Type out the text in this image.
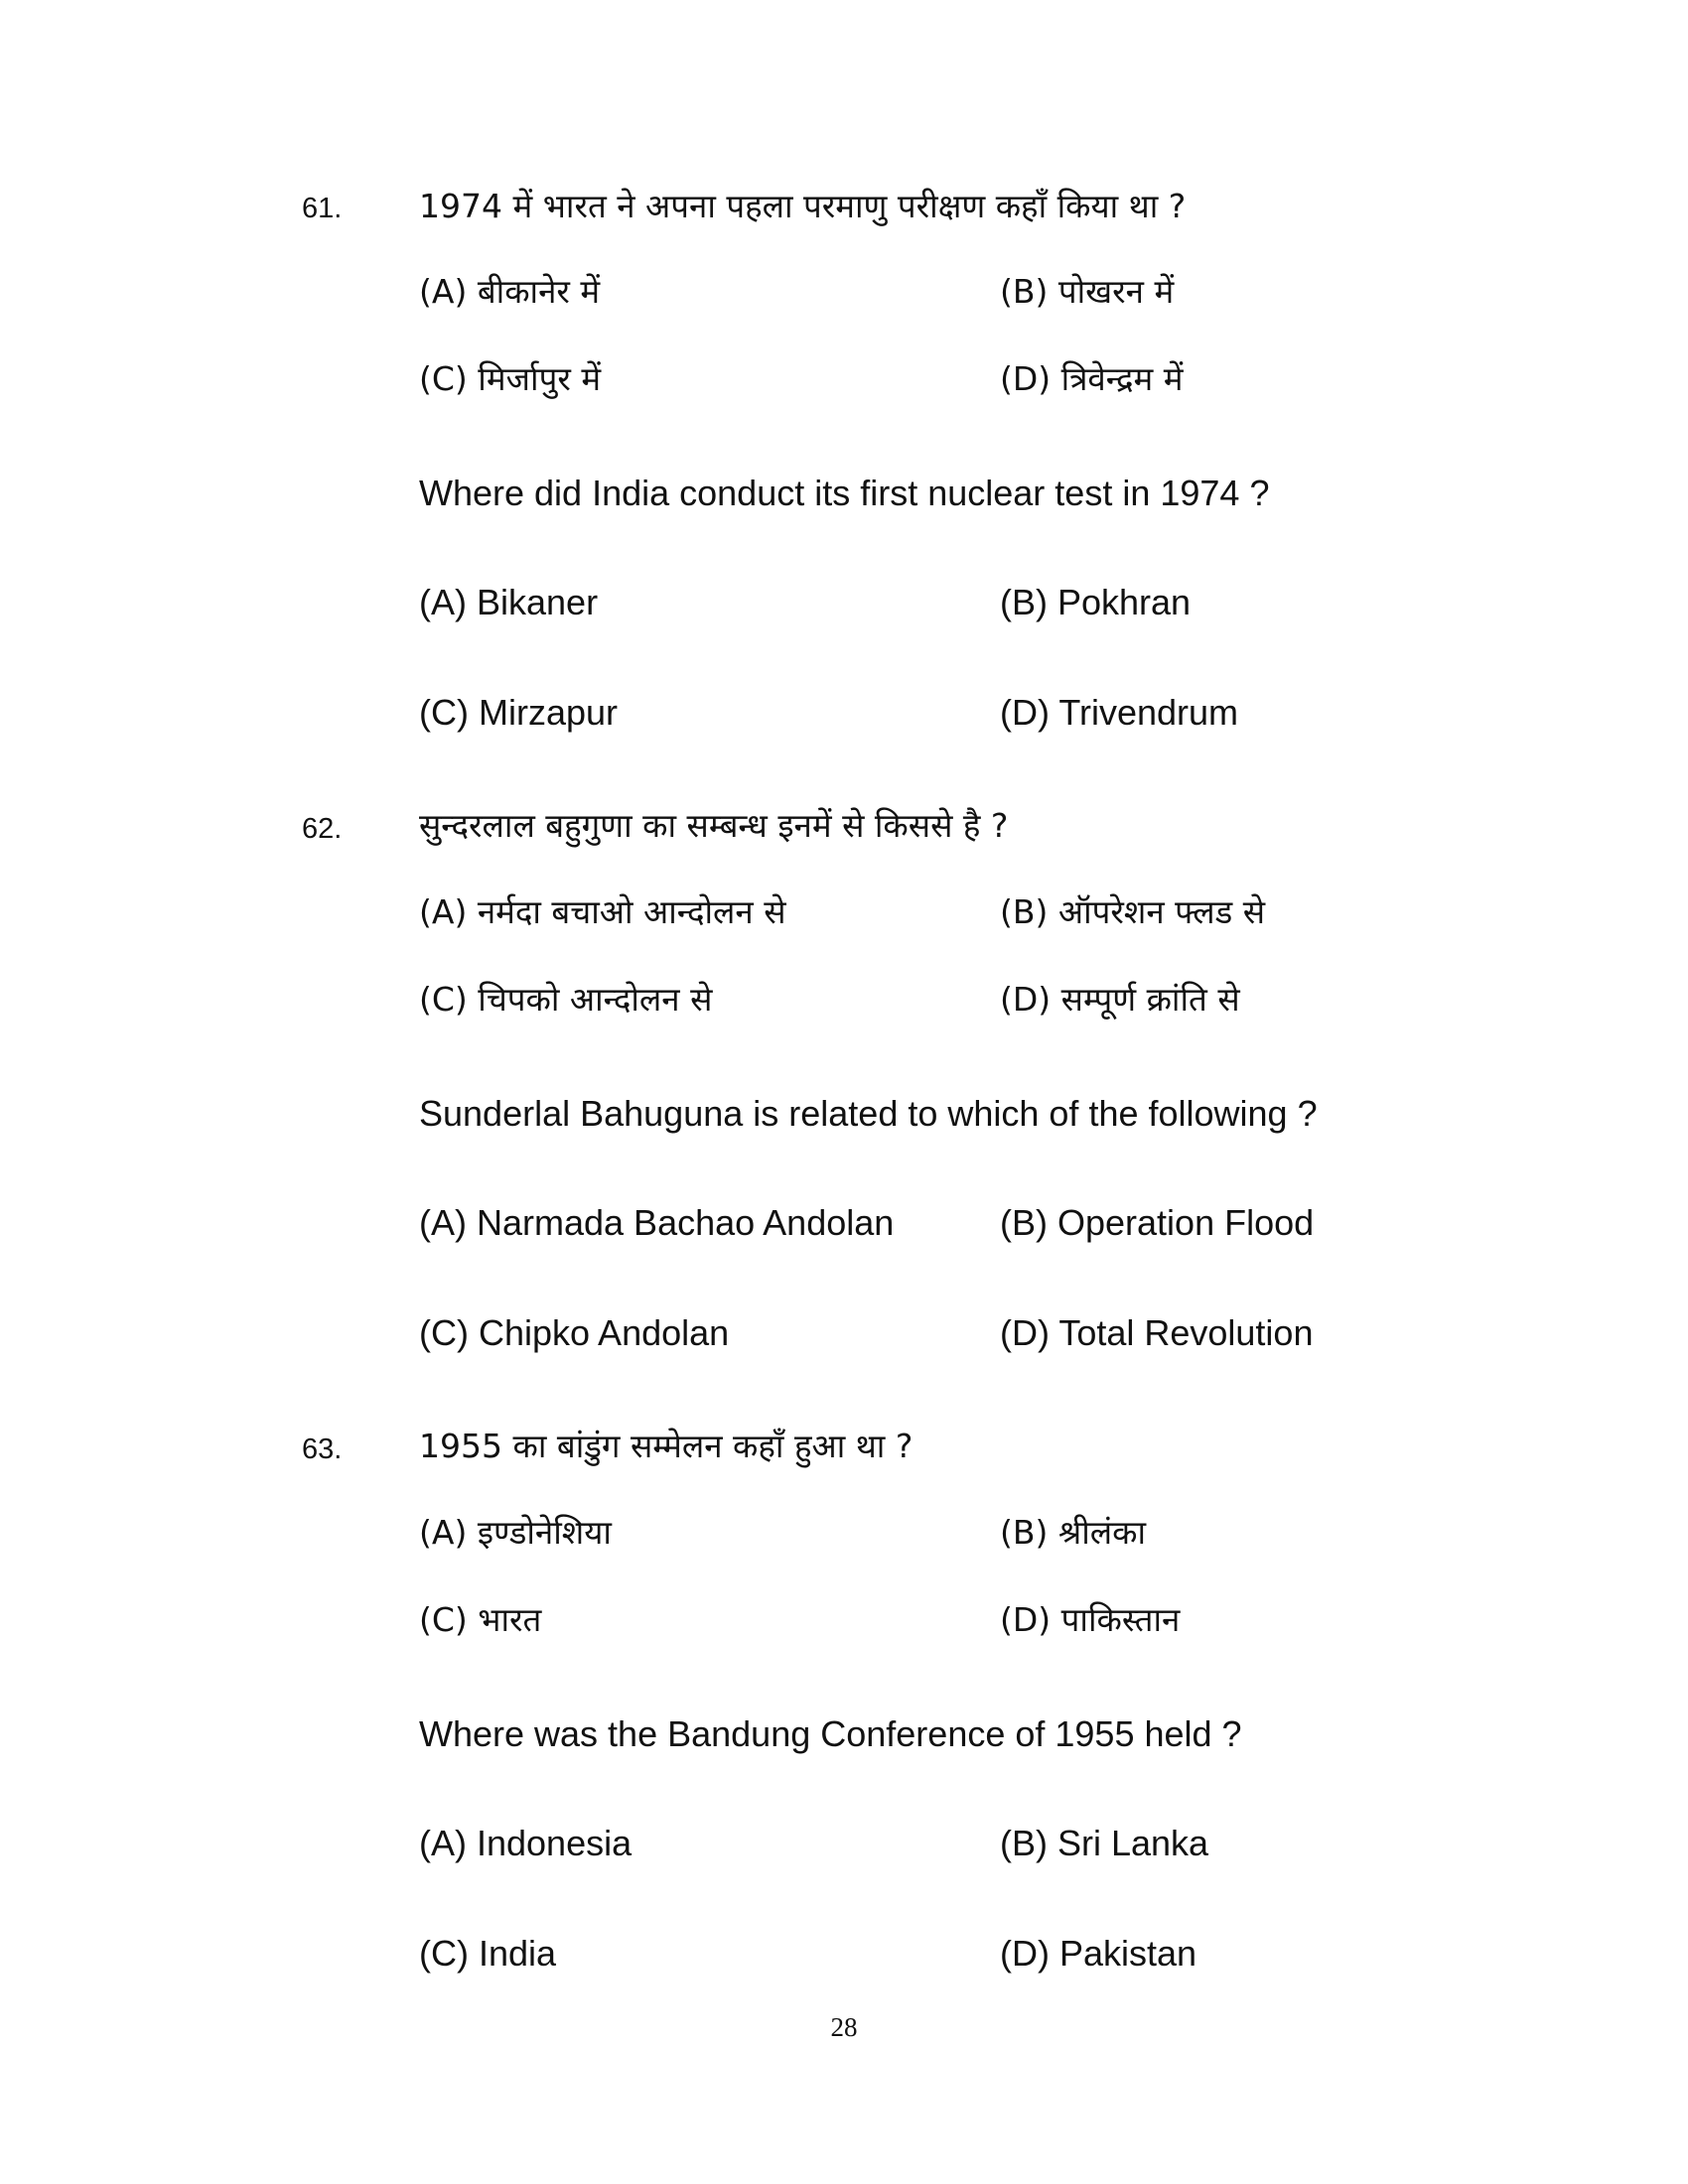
61. 1974 में भारत ने अपना पहला परमाणु परीक्षण कहाँ किया था ?
(A) बीकानेर में	(B) पोखरन में
(C) मिर्जापुर में	(D) त्रिवेन्द्रम में
Where did India conduct its first nuclear test in 1974 ?
(A) Bikaner	(B) Pokhran
(C) Mirzapur	(D) Trivendrum
62. सुन्दरलाल बहुगुणा का सम्बन्ध इनमें से किससे है ?
(A) नर्मदा बचाओ आन्दोलन से	(B) ऑपरेशन फ्लड से
(C) चिपको आन्दोलन से	(D) सम्पूर्ण क्रांति से
Sunderlal Bahuguna is related to which of the following ?
(A) Narmada Bachao Andolan	(B) Operation Flood
(C) Chipko Andolan	(D) Total Revolution
63. 1955 का बांडुंग सम्मेलन कहाँ हुआ था ?
(A) इण्डोनेशिया	(B) श्रीलंका
(C) भारत	(D) पाकिस्तान
Where was the Bandung Conference of 1955 held ?
(A) Indonesia	(B) Sri Lanka
(C) India	(D) Pakistan
28
